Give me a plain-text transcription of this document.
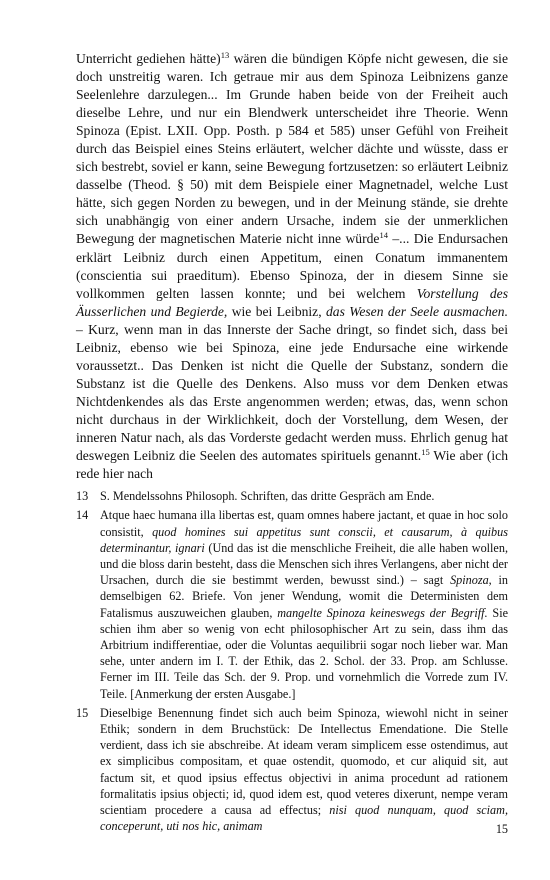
Unterricht gediehen hätte)$^{13}$ wären die bündigen Köpfe nicht gewesen, die sie doch unstreitig waren. Ich getraue mir aus dem Spinoza Leibnizens ganze Seelenlehre darzulegen... Im Grunde haben beide von der Freiheit auch dieselbe Lehre, und nur ein Blendwerk unterscheidet ihre Theorie. Wenn Spinoza (Epist. LXII. Opp. Posth. p 584 et 585) unser Gefühl von Freiheit durch das Beispiel eines Steins erläutert, welcher dächte und wüsste, dass er sich bestrebt, soviel er kann, seine Bewegung fortzusetzen: so erläutert Leibniz dasselbe (Theod. § 50) mit dem Beispiele einer Magnetnadel, welche Lust hätte, sich gegen Norden zu bewegen, und in der Meinung stände, sie drehte sich unabhängig von einer andern Ursache, indem sie der unmerklichen Bewegung der magnetischen Materie nicht inne würde$^{14}$ –... Die Endursachen erklärt Leibniz durch einen Appetitum, einen Conatum immanentem (conscientia sui praeditum). Ebenso Spinoza, der in diesem Sinne sie vollkommen gelten lassen konnte; und bei welchem Vorstellung des Äusserlichen und Begierde, wie bei Leibniz, das Wesen der Seele ausmachen. – Kurz, wenn man in das Innerste der Sache dringt, so findet sich, dass bei Leibniz, ebenso wie bei Spinoza, eine jede Endursache eine wirkende voraussetzt.. Das Denken ist nicht die Quelle der Substanz, sondern die Substanz ist die Quelle des Denkens. Also muss vor dem Denken etwas Nichtdenkendes als das Erste angenommen werden; etwas, das, wenn schon nicht durchaus in der Wirklichkeit, doch der Vorstellung, dem Wesen, der inneren Natur nach, als das Vorderste gedacht werden muss. Ehrlich genug hat deswegen Leibniz die Seelen des automates spirituels genannt.$^{15}$ Wie aber (ich rede hier nach

13 S. Mendelssohns Philosoph. Schriften, das dritte Gespräch am Ende.

14 Atque haec humana illa libertas est, quam omnes habere jactant, et quae in hoc solo consistit, quod homines sui appetitus sunt conscii, et causarum, à quibus determinantur, ignari (Und das ist die menschliche Freiheit, die alle haben wollen, und die bloss darin besteht, dass die Menschen sich ihres Verlangens, aber nicht der Ursachen, durch die sie bestimmt werden, bewusst sind.) – sagt Spinoza, in demselbigen 62. Briefe. Von jener Wendung, womit die Deterministen dem Fatalismus auszuweichen glauben, mangelte Spinoza keineswegs der Begriff. Sie schien ihm aber so wenig von echt philosophischer Art zu sein, dass ihm das Arbitrium indifferentiae, oder die Voluntas aequilibrii sogar noch lieber war. Man sehe, unter andern im I. T. der Ethik, das 2. Schol. der 33. Prop. am Schlusse. Ferner im III. Teile das Sch. der 9. Prop. und vornehmlich die Vorrede zum IV. Teile. [Anmerkung der ersten Ausgabe.]

15 Dieselbige Benennung findet sich auch beim Spinoza, wiewohl nicht in seiner Ethik; sondern in dem Bruchstück: De Intellectus Emendatione. Die Stelle verdient, dass ich sie abschreibe. At ideam veram simplicem esse ostendimus, aut ex simplicibus compositam, et quae ostendit, quomodo, et cur aliquid sit, aut factum sit, et quod ipsius effectus objectivi in anima procedunt ad rationem formalitatis ipsius objecti; id, quod idem est, quod veteres dixerunt, nempe veram scientiam procedere a causa ad effectus; nisi quod nunquam, quod sciam, conceperunt, uti nos hic, animam	15
